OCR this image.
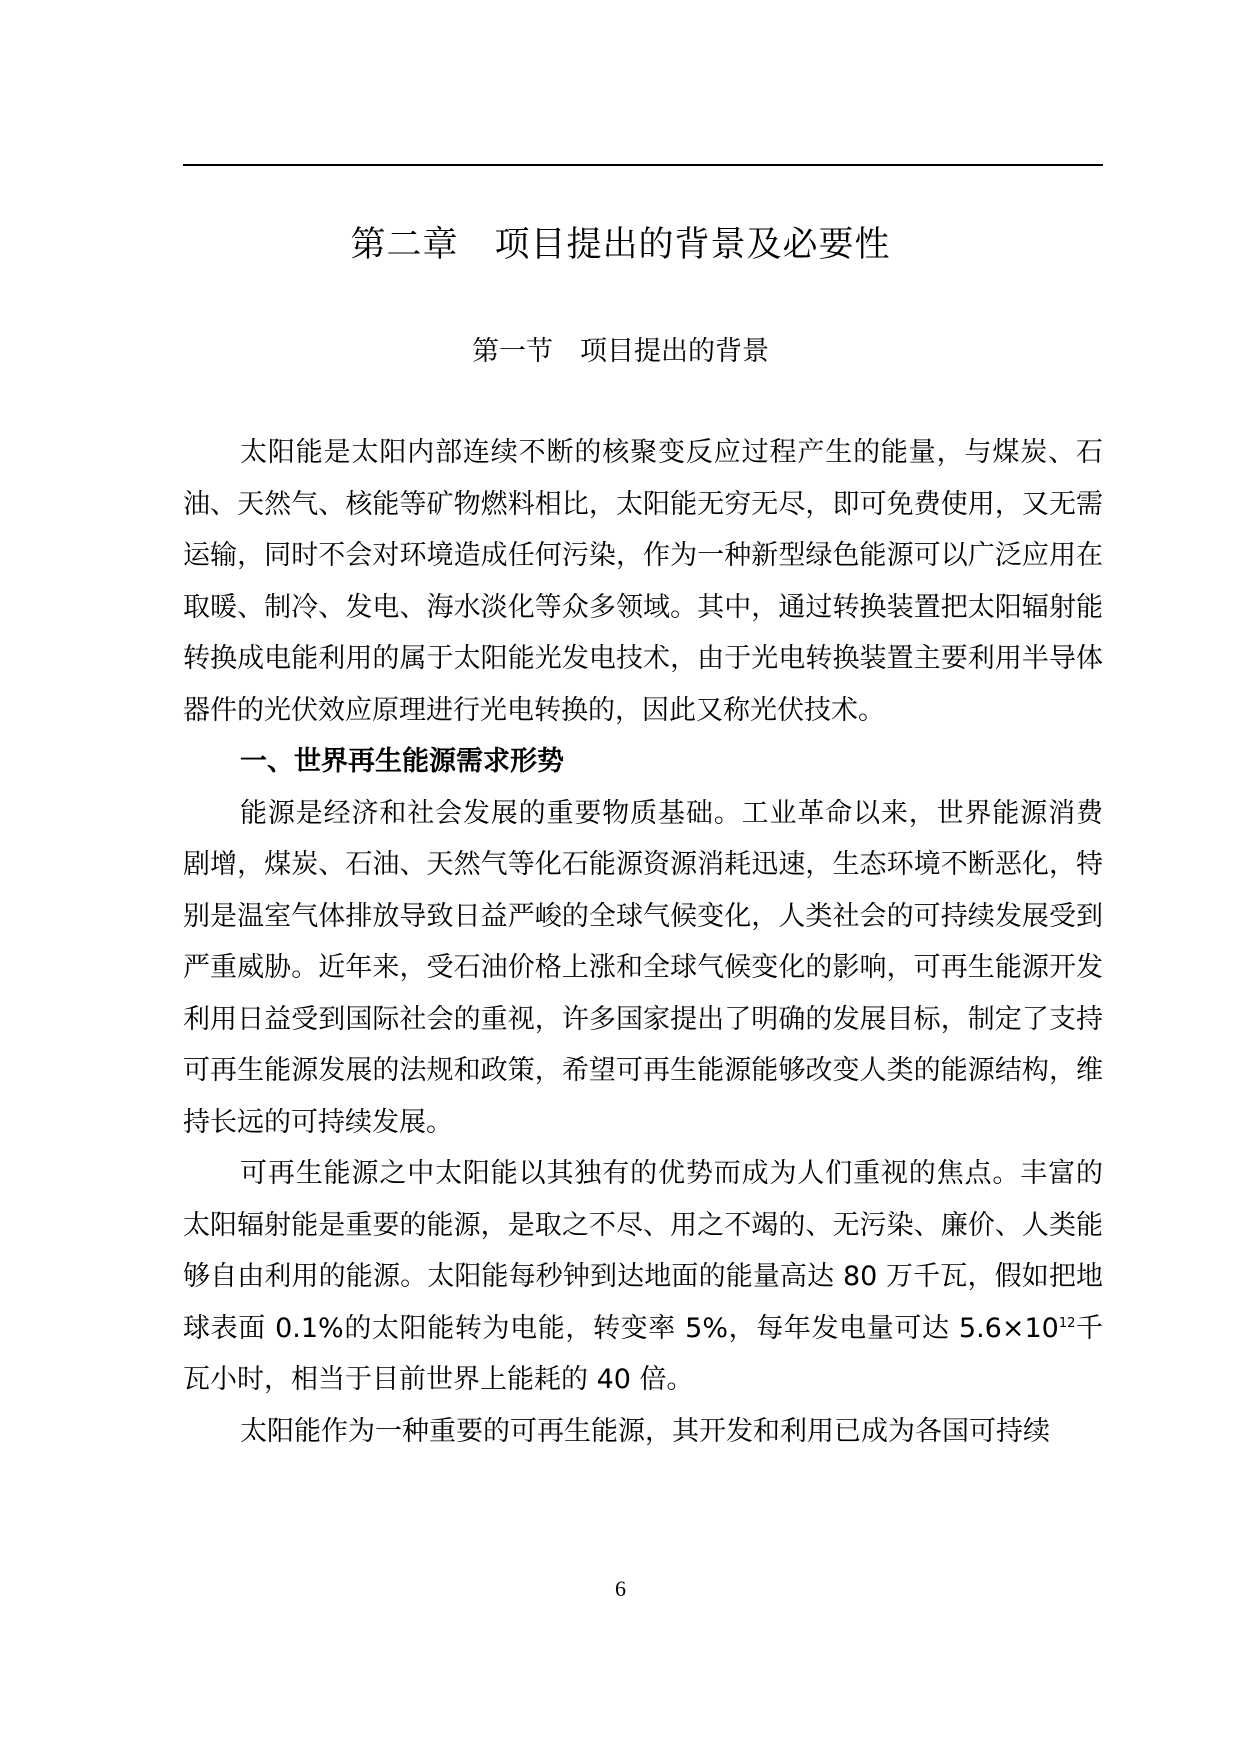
第二章　项目提出的背景及必要性
第一节　项目提出的背景

太阳能是太阳内部连续不断的核聚变反应过程产生的能量，与煤炭、石油、天然气、核能等矿物燃料相比，太阳能无穷无尽，即可免费使用，又无需运输，同时不会对环境造成任何污染，作为一种新型绿色能源可以广泛应用在取暖、制冷、发电、海水淡化等众多领域。其中，通过转换装置把太阳辐射能转换成电能利用的属于太阳能光发电技术，由于光电转换装置主要利用半导体器件的光伏效应原理进行光电转换的，因此又称光伏技术。

一、世界再生能源需求形势

能源是经济和社会发展的重要物质基础。工业革命以来，世界能源消费剧增，煤炭、石油、天然气等化石能源资源消耗迅速，生态环境不断恶化，特别是温室气体排放导致日益严峻的全球气候变化，人类社会的可持续发展受到严重威胁。近年来，受石油价格上涨和全球气候变化的影响，可再生能源开发利用日益受到国际社会的重视，许多国家提出了明确的发展目标，制定了支持可再生能源发展的法规和政策，希望可再生能源能够改变人类的能源结构，维持长远的可持续发展。

可再生能源之中太阳能以其独有的优势而成为人们重视的焦点。丰富的太阳辐射能是重要的能源，是取之不尽、用之不竭的、无污染、廉价、人类能够自由利用的能源。太阳能每秒钟到达地面的能量高达 80 万千瓦，假如把地球表面 0.1%的太阳能转为电能，转变率 5%，每年发电量可达 $5.6\times 10^{12}$千瓦小时，相当于目前世界上能耗的 40 倍。

太阳能作为一种重要的可再生能源，其开发和利用已成为各国可持续

6
